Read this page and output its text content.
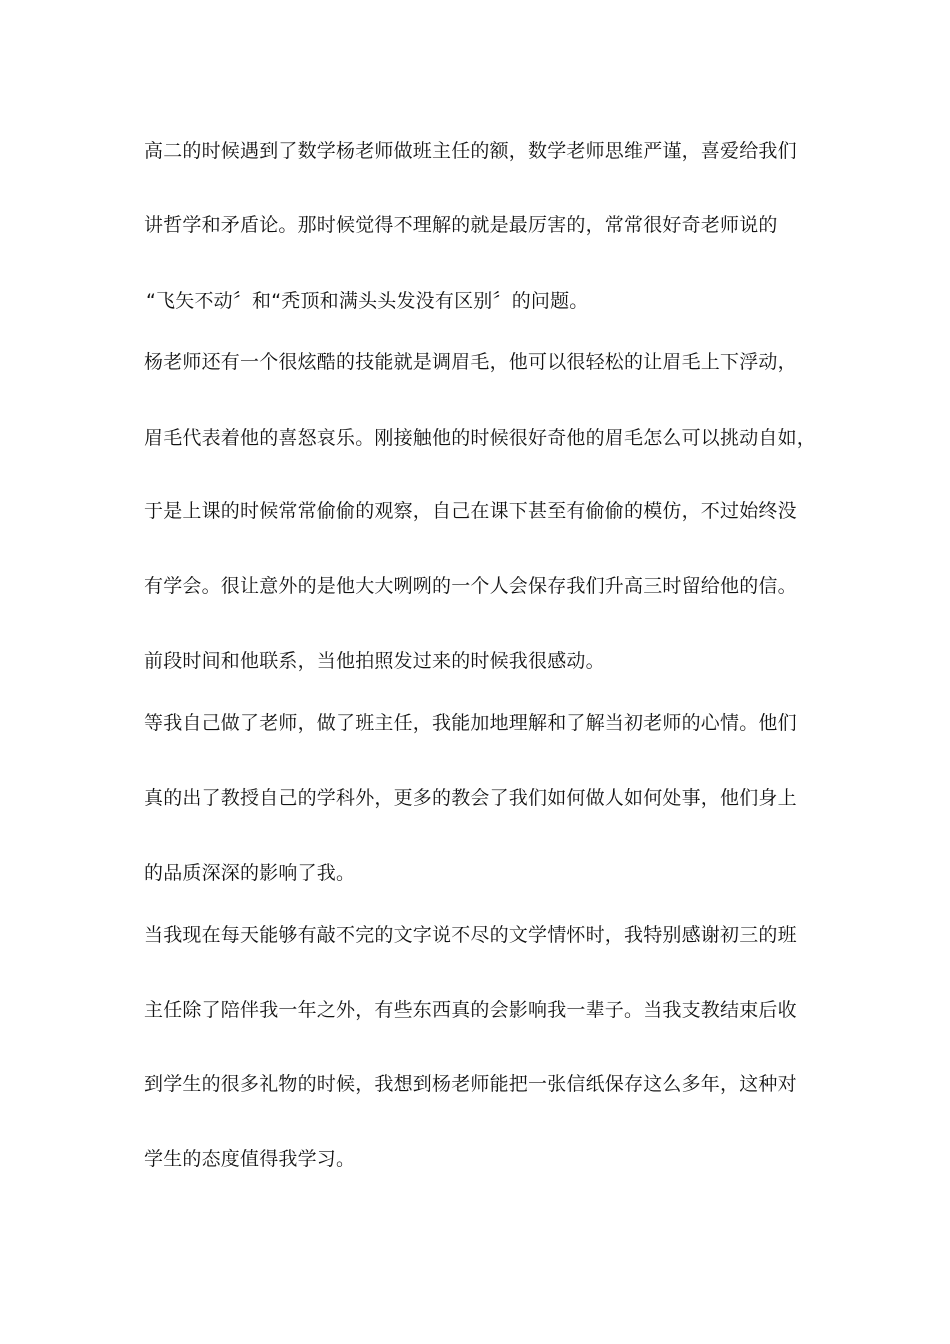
高二的时候遇到了数学杨老师做班主任的额，数学老师思维严谨，喜爱给我们
讲哲学和矛盾论。那时候觉得不理解的就是最厉害的，常常很好奇老师说的
“飞矢不动〞和“秃顶和满头头发没有区别〞的问题。
杨老师还有一个很炫酷的技能就是调眉毛，他可以很轻松的让眉毛上下浮动，
眉毛代表着他的喜怒哀乐。刚接触他的时候很好奇他的眉毛怎么可以挑动自如，
于是上课的时候常常偷偷的观察，自己在课下甚至有偷偷的模仿，不过始终没
有学会。很让意外的是他大大咧咧的一个人会保存我们升高三时留给他的信。
前段时间和他联系，当他拍照发过来的时候我很感动。
等我自己做了老师，做了班主任，我能加地理解和了解当初老师的心情。他们
真的出了教授自己的学科外，更多的教会了我们如何做人如何处事，他们身上
的品质深深的影响了我。
当我现在每天能够有敲不完的文字说不尽的文学情怀时，我特别感谢初三的班
主任除了陪伴我一年之外，有些东西真的会影响我一辈子。当我支教结束后收
到学生的很多礼物的时候，我想到杨老师能把一张信纸保存这么多年，这种对
学生的态度值得我学习。
